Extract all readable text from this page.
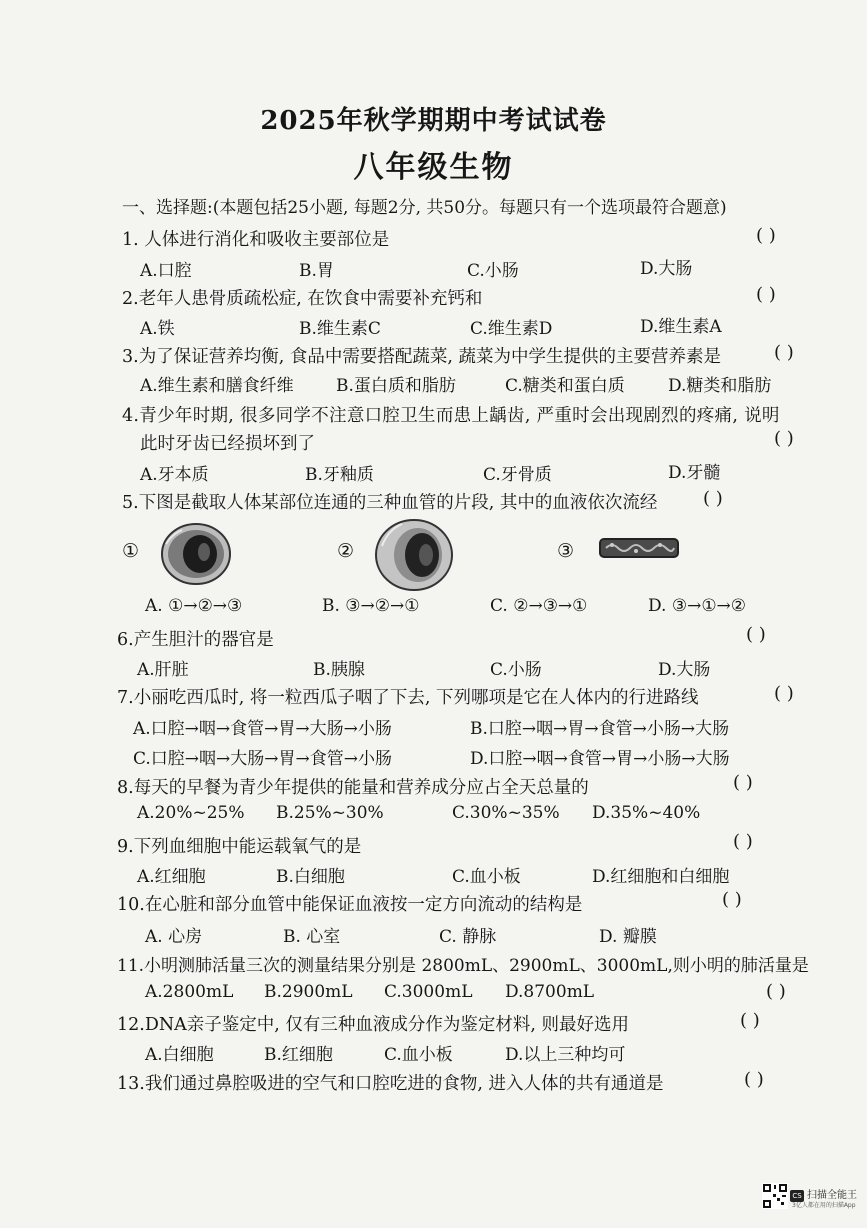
2025年秋学期期中考试试卷
八年级生物
一、选择题:(本题包括25小题, 每题2分, 共50分。每题只有一个选项最符合题意)
1. 人体进行消化和吸收主要部位是	( )
A.口腔	B.胃	C.小肠	D.大肠
2.老年人患骨质疏松症, 在饮食中需要补充钙和	( )
A.铁	B.维生素C	C.维生素D	D.维生素A
3.为了保证营养均衡, 食品中需要搭配蔬菜, 蔬菜为中学生提供的主要营养素是	( )
A.维生素和膳食纤维 B.蛋白质和脂肪	C.糖类和蛋白质	D.糖类和脂肪
4.青少年时期, 很多同学不注意口腔卫生而患上龋齿, 严重时会出现剧烈的疼痛, 说明
此时牙齿已经损坏到了	( )
A.牙本质	B.牙釉质	C.牙骨质	D.牙髓
5.下图是截取人体某部位连通的三种血管的片段, 其中的血液依次流经	( )
①	②	③
A. ①→②→③	B. ③→②→①	C. ②→③→①	D. ③→①→②
6.产生胆汁的器官是	( )
A.肝脏	B.胰腺	C.小肠	D.大肠
7.小丽吃西瓜时, 将一粒西瓜子咽了下去, 下列哪项是它在人体内的行进路线	( )
A.口腔→咽→食管→胃→大肠→小肠	B.口腔→咽→胃→食管→小肠→大肠
C.口腔→咽→大肠→胃→食管→小肠	D.口腔→咽→食管→胃→小肠→大肠
8.每天的早餐为青少年提供的能量和营养成分应占全天总量的	( )
A.20%~25% B.25%~30%	C.30%~35% D.35%~40%
9.下列血细胞中能运载氧气的是	( )
A.红细胞	B.白细胞	C.血小板	D.红细胞和白细胞
10.在心脏和部分血管中能保证血液按一定方向流动的结构是	( )
A. 心房	B. 心室	C. 静脉	D. 瓣膜
11.小明测肺活量三次的测量结果分别是 2800mL、2900mL、3000mL,则小明的肺活量是
A.2800mL B.2900mL C.3000mL D.8700mL	( )
12.DNA亲子鉴定中, 仅有三种血液成分作为鉴定材料, 则最好选用	( )
A.白细胞	B.红细胞	C.血小板	D.以上三种均可
13.我们通过鼻腔吸进的空气和口腔吃进的食物, 进入人体的共有通道是	( )
CS 扫描全能王
3亿人都在用的扫描App
